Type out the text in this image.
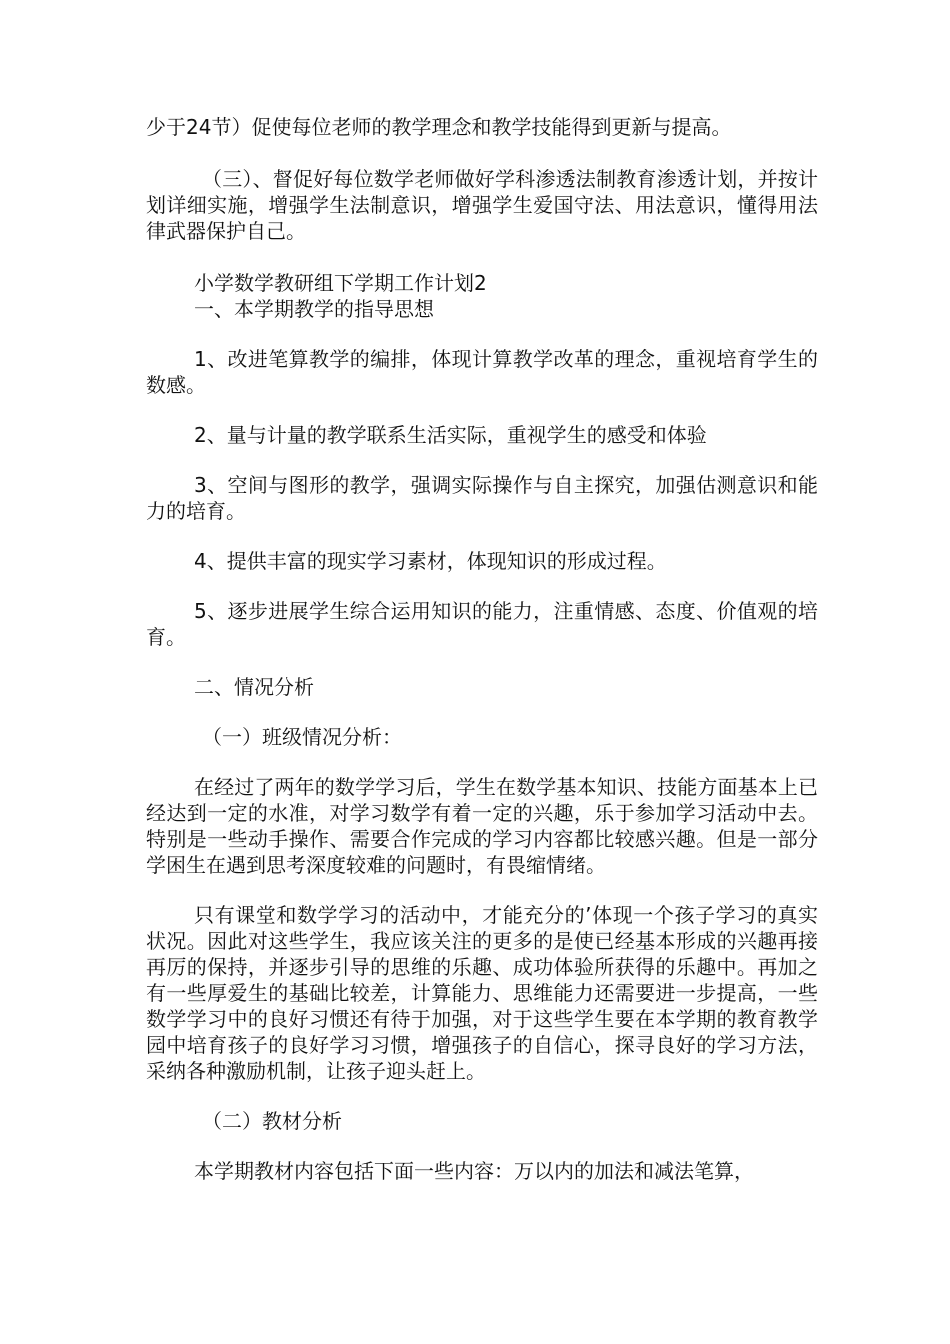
少于24节）促使每位老师的教学理念和教学技能得到更新与提高。

（三）、督促好每位数学老师做好学科渗透法制教育渗透计划，并按计划详细实施，增强学生法制意识，增强学生爱国守法、用法意识，懂得用法律武器保护自己。

小学数学教研组下学期工作计划2

一、本学期教学的指导思想

1、改进笔算教学的编排，体现计算教学改革的理念，重视培育学生的数感。

2、量与计量的教学联系生活实际，重视学生的感受和体验

3、空间与图形的教学，强调实际操作与自主探究，加强估测意识和能力的培育。

4、提供丰富的现实学习素材，体现知识的形成过程。

5、逐步进展学生综合运用知识的能力，注重情感、态度、价值观的培育。

二、情况分析

（一）班级情况分析：

在经过了两年的数学学习后，学生在数学基本知识、技能方面基本上已经达到一定的水准，对学习数学有着一定的兴趣，乐于参加学习活动中去。特别是一些动手操作、需要合作完成的学习内容都比较感兴趣。但是一部分学困生在遇到思考深度较难的问题时，有畏缩情绪。

只有课堂和数学学习的活动中，才能充分的’体现一个孩子学习的真实状况。因此对这些学生，我应该关注的更多的是使已经基本形成的兴趣再接再厉的保持，并逐步引导的思维的乐趣、成功体验所获得的乐趣中。再加之有一些厚爱生的基础比较差，计算能力、思维能力还需要进一步提高，一些数学学习中的良好习惯还有待于加强，对于这些学生要在本学期的教育教学园中培育孩子的良好学习习惯，增强孩子的自信心，探寻良好的学习方法，采纳各种激励机制，让孩子迎头赶上。

（二）教材分析

本学期教材内容包括下面一些内容：万以内的加法和减法笔算，
